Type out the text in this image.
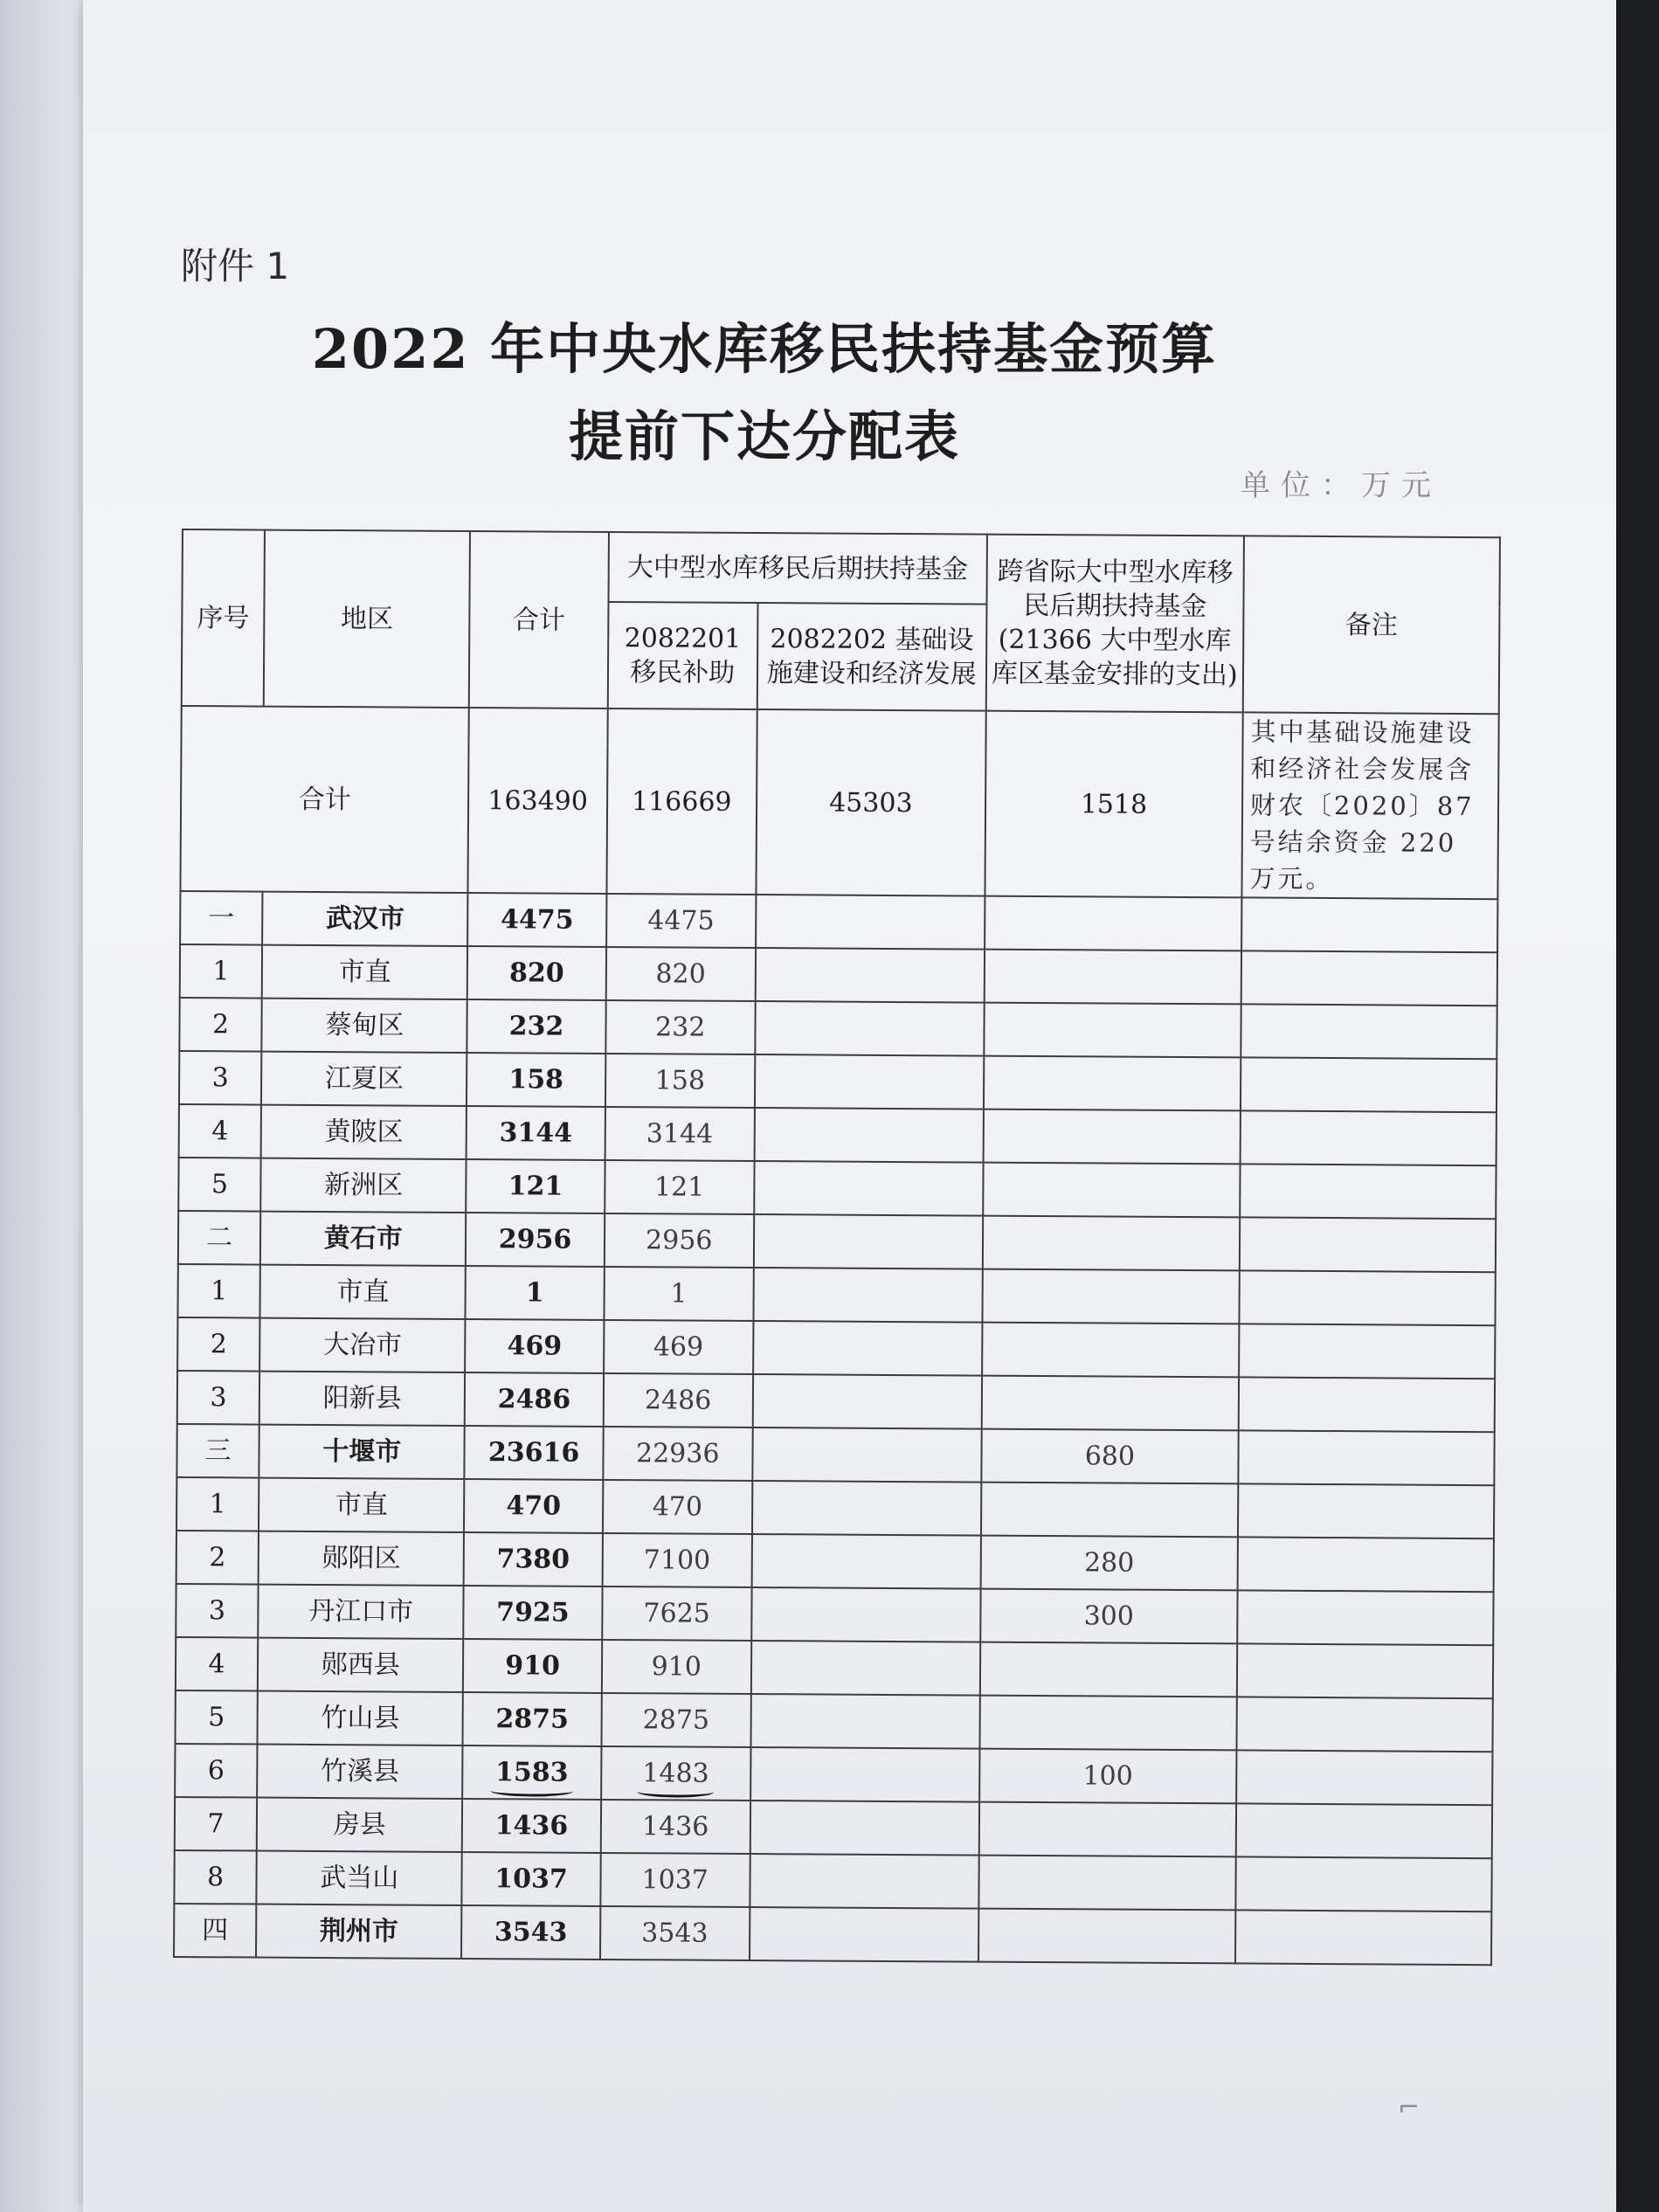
附件 1
2022 年中央水库移民扶持基金预算
提前下达分配表
单位：万元
序号	地区	合计	大中型水库移民后期扶持基金		跨省际大中型水库移民后期扶持基金(21366 大中型水库库区基金安排的支出)	备注
			2082201 移民补助	2082202 基础设施建设和经济发展		
合计		163490	116669	45303	1518	其中基础设施建设和经济社会发展含财农〔2020〕87 号结余资金 220 万元。
一	武汉市	4475	4475			
1	市直	820	820			
2	蔡甸区	232	232			
3	江夏区	158	158			
4	黄陂区	3144	3144			
5	新洲区	121	121			
二	黄石市	2956	2956			
1	市直	1	1			
2	大冶市	469	469			
3	阳新县	2486	2486			
三	十堰市	23616	22936		680	
1	市直	470	470			
2	郧阳区	7380	7100		280	
3	丹江口市	7925	7625		300	
4	郧西县	910	910			
5	竹山县	2875	2875			
6	竹溪县	1583	1483		100	
7	房县	1436	1436			
8	武当山	1037	1037			
四	荆州市	3543	3543			
⌐
